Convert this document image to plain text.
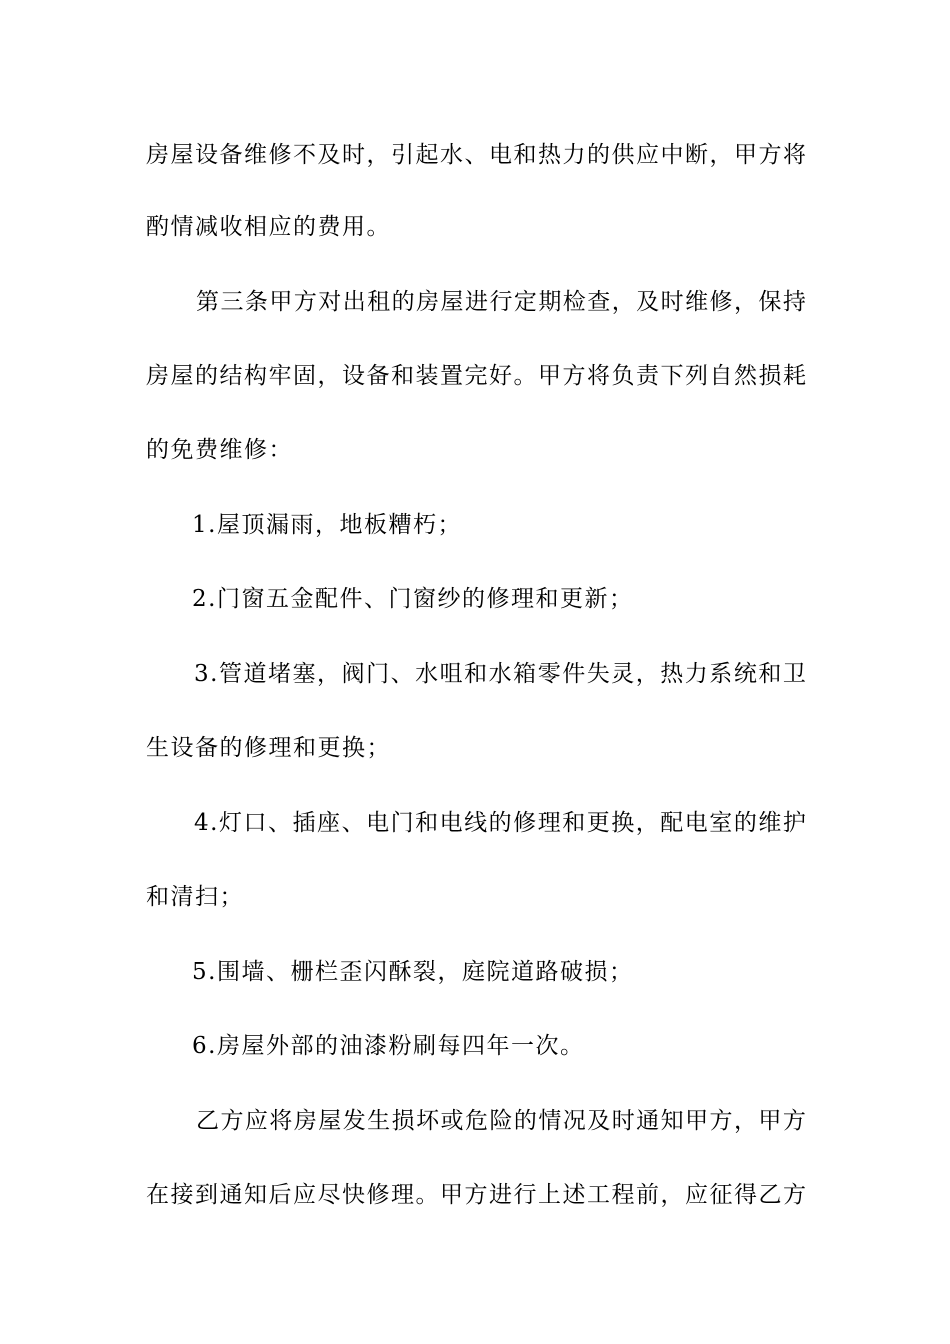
房 屋 设 备 维 修 不 及 时 ， 引 起 水 、 电 和 热 力 的 供 应 中 断 ， 甲 方 将
酌情减收相应的费用。
第 三 条 甲 方 对 出 租 的 房 屋 进 行 定 期 检 查 ， 及 时 维 修 ， 保 持
房 屋 的 结 构 牢 固 ， 设 备 和 装 置 完 好 。 甲 方 将 负 责 下 列 自 然 损 耗
的免费维修：
1.屋顶漏雨，地板糟朽；
2.门窗五金配件、门窗纱的修理和更新；
3 . 管 道 堵 塞 ， 阀 门 、 水 咀 和 水 箱 零 件 失 灵 ， 热 力 系 统 和 卫
生设备的修理和更换；
4 . 灯 口 、 插 座 、 电 门 和 电 线 的 修 理 和 更 换 ， 配 电 室 的 维 护
和清扫；
5.围墙、栅栏歪闪酥裂，庭院道路破损；
6.房屋外部的油漆粉刷每四年一次。
乙 方 应 将 房 屋 发 生 损 坏 或 危 险 的 情 况 及 时 通 知 甲 方 ， 甲 方
在 接 到 通 知 后 应 尽 快 修 理 。 甲 方 进 行 上 述 工 程 前 ， 应 征 得 乙 方
